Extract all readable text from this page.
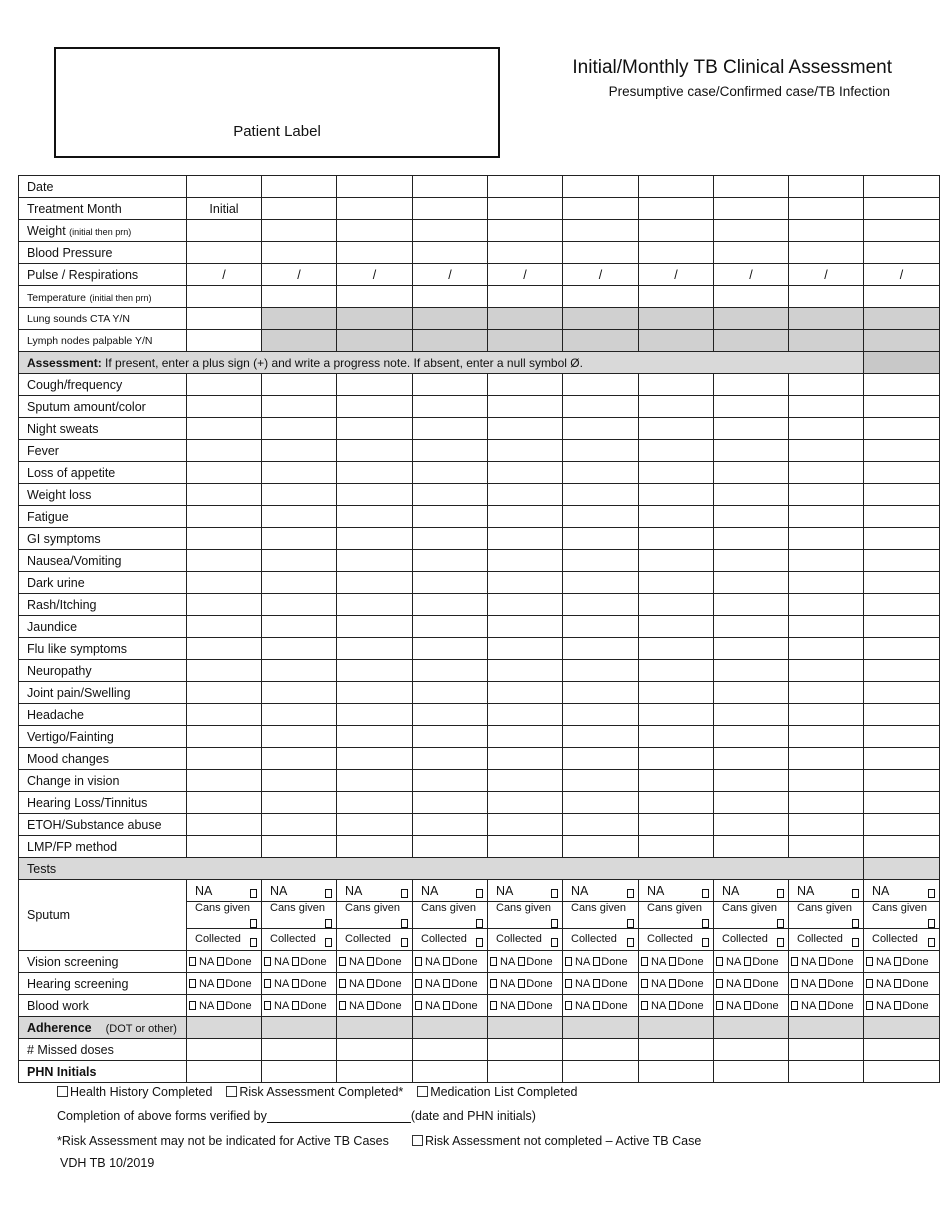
Patient Label
Initial/Monthly TB Clinical Assessment
Presumptive case/Confirmed case/TB Infection
Date										
Treatment Month	Initial									
Weight (initial then prn)										
Blood Pressure										
Pulse / Respirations	/	/	/	/	/	/	/	/	/	/
Temperature (initial then prn)										
Lung sounds CTA Y/N										
Lymph nodes palpable Y/N										
Assessment: If present, enter a plus sign (+) and write a progress note. If absent, enter a null symbol Ø.										
Cough/frequency										
Sputum amount/color										
Night sweats										
Fever										
Loss of appetite										
Weight loss										
Fatigue										
GI symptoms										
Nausea/Vomiting										
Dark urine										
Rash/Itching										
Jaundice										
Flu like symptoms										
Neuropathy										
Joint pain/Swelling										
Headache										
Vertigo/Fainting										
Mood changes										
Change in vision										
Hearing Loss/Tinnitus										
ETOH/Substance abuse										
LMP/FP method										
Tests										
Sputum	NA	NA	NA	NA	NA	NA	NA	NA	NA	NA

	Cans given	Cans given	Cans given	Cans given	Cans given	Cans given	Cans given	Cans given	Cans given	Cans given

	Collected	Collected	Collected	Collected	Collected	Collected	Collected	Collected	Collected	Collected

Vision screening	NA Done	NA Done	NA Done	NA Done	NA Done	NA Done	NA Done	NA Done	NA Done	NA Done
Hearing screening	NA Done	NA Done	NA Done	NA Done	NA Done	NA Done	NA Done	NA Done	NA Done	NA Done
Blood work	NA Done	NA Done	NA Done	NA Done	NA Done	NA Done	NA Done	NA Done	NA Done	NA Done
Adherence (DOT or other)										
# Missed doses										
PHN Initials										
Health History Completed Risk Assessment Completed* Medication List Completed
Completion of above forms verified by	(date and PHN initials)
*Risk Assessment may not be indicated for Active TB Cases	Risk Assessment not completed – Active TB Case
VDH TB 10/2019
